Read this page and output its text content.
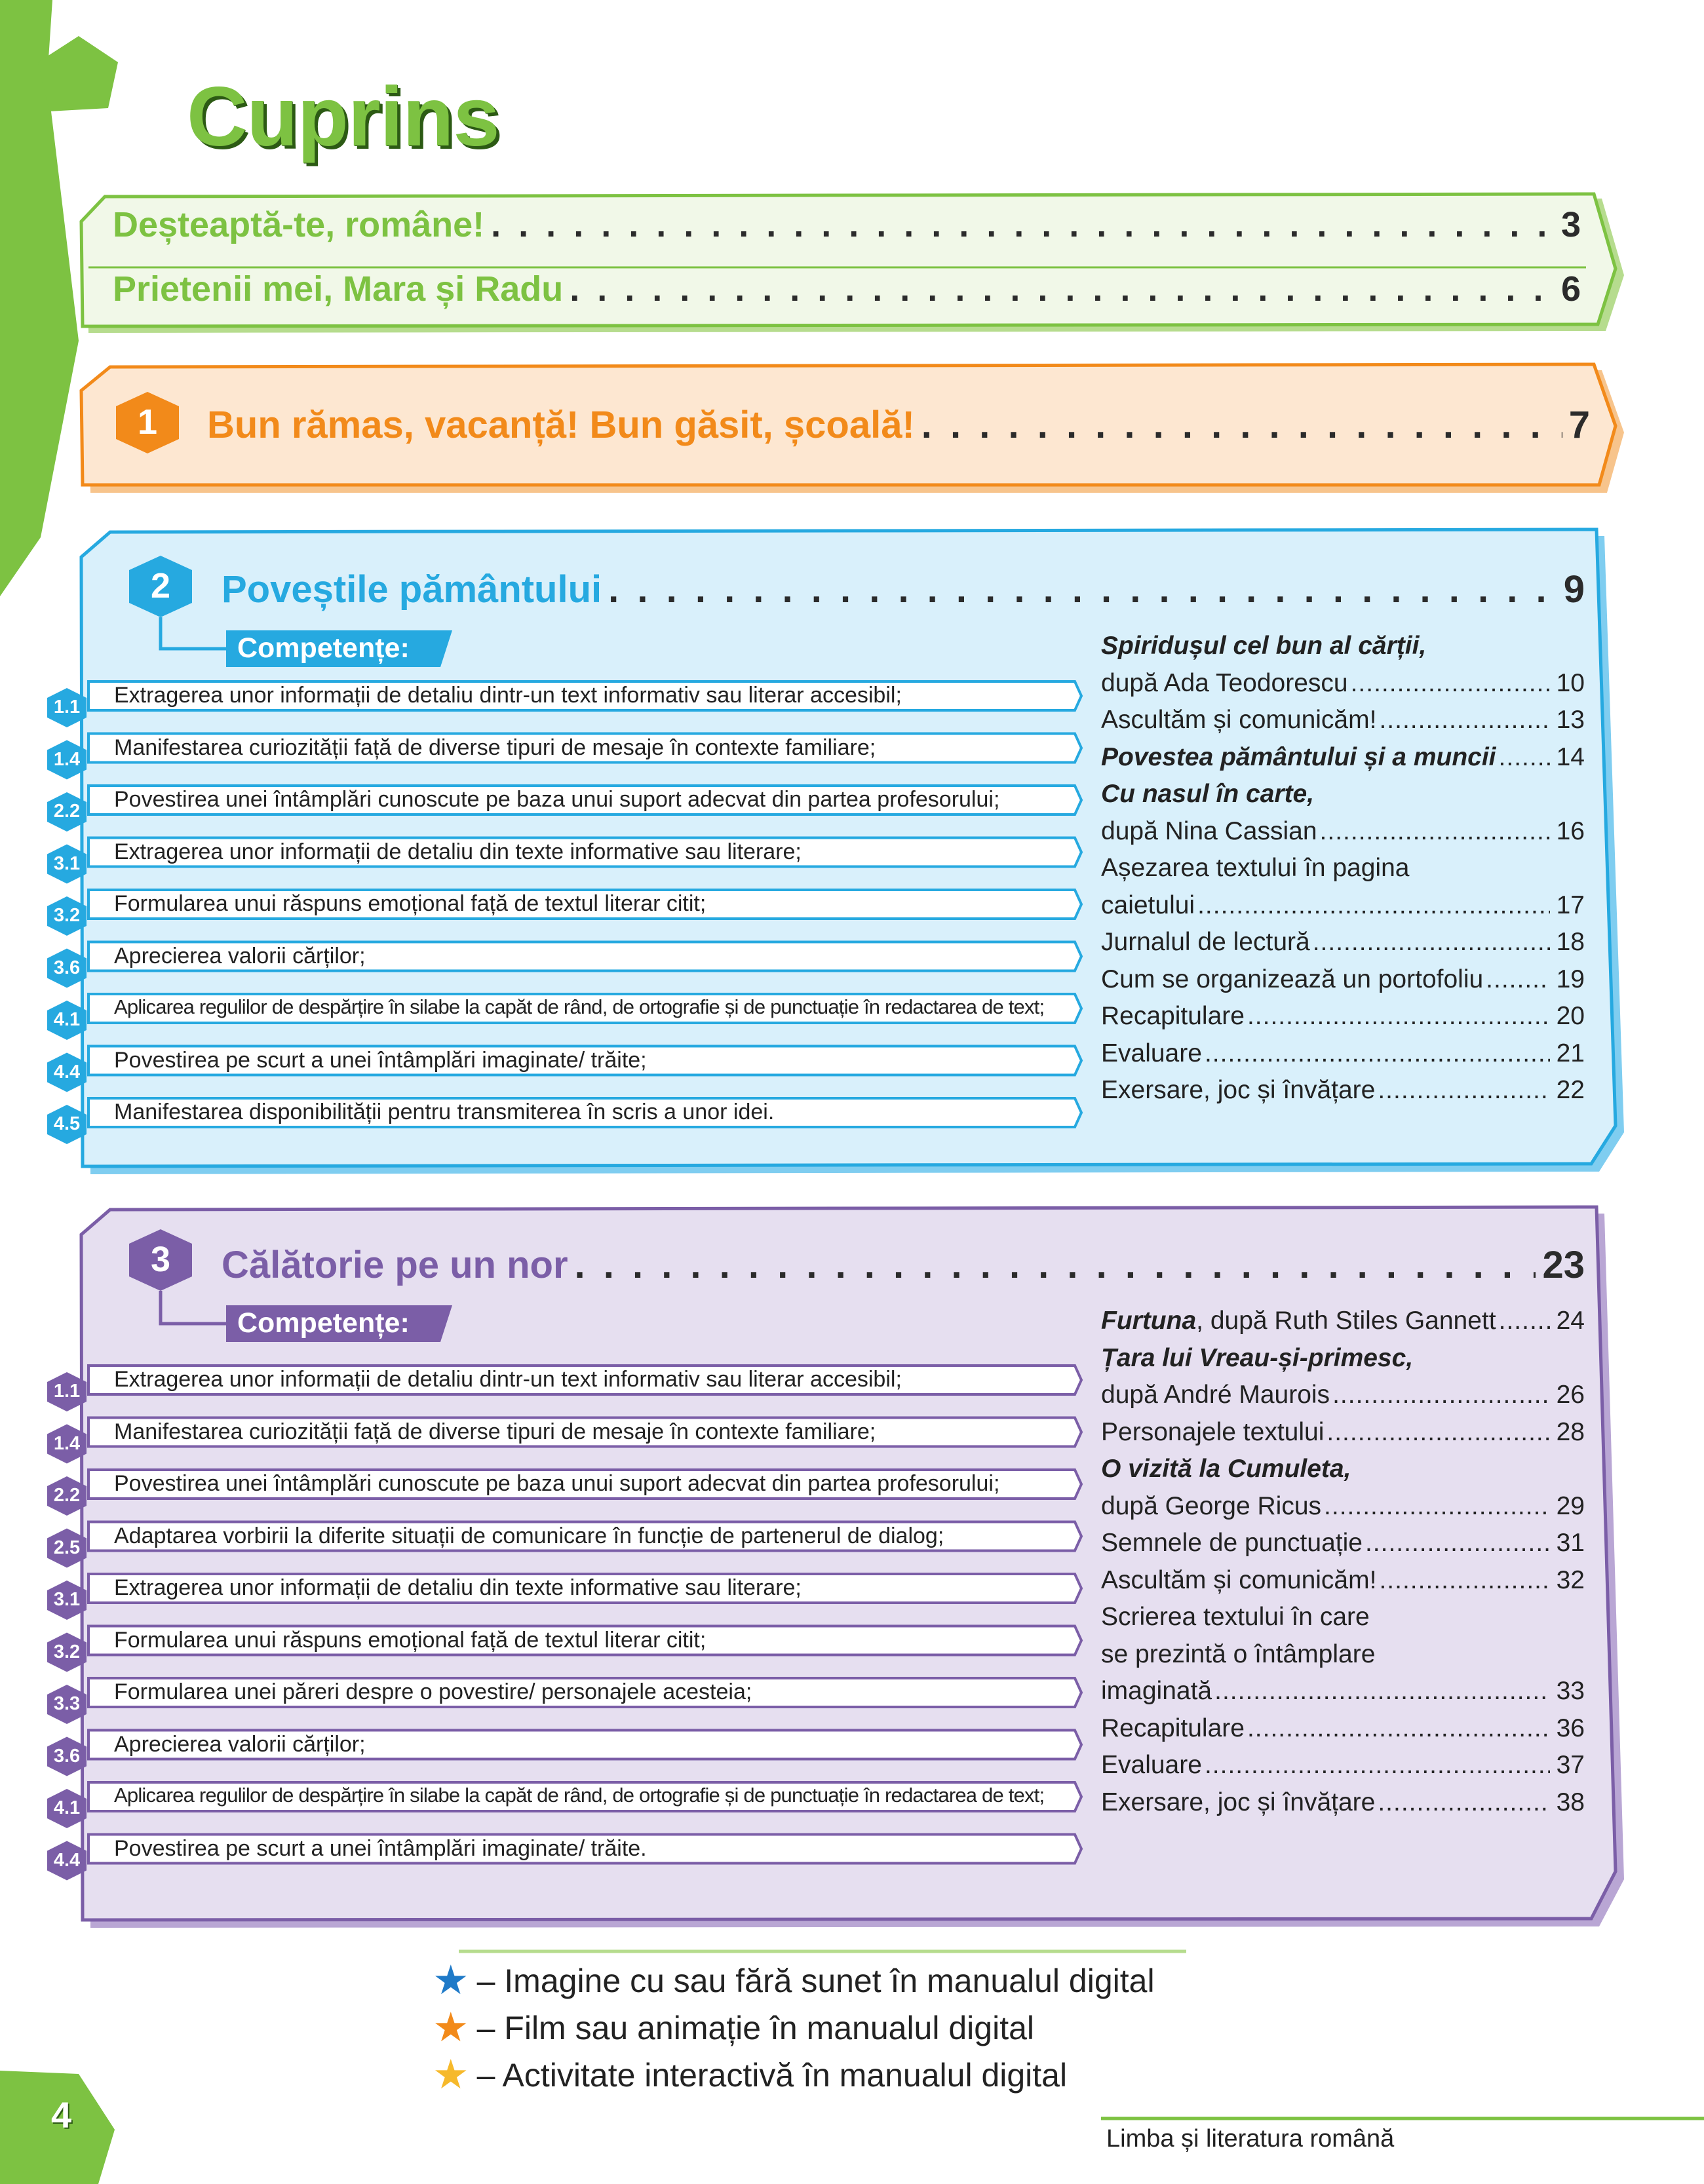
Cuprins
Deșteaptă-te, române! . . .	3
Prietenii mei, Mara și Radu . . .	6
1	Bun rămas, vacanță! Bun găsit, școală! . . .	7
2	Poveștile pământului . . .	9
Competențe:
1.1 Extragerea unor informații de detaliu dintr-un text informativ sau literar accesibil;
1.4 Manifestarea curiozității față de diverse tipuri de mesaje în contexte familiare;
2.2 Povestirea unei întâmplări cunoscute pe baza unui suport adecvat din partea profesorului;
3.1 Extragerea unor informații de detaliu din texte informative sau literare;
3.2 Formularea unui răspuns emoțional față de textul literar citit;
3.6 Aprecierea valorii cărților;
4.1
Aplicarea regulilor de despărțire în silabe la capăt de rând, de ortografie și de punctuație în redactarea de text;
4.4 Povestirea pe scurt a unei întâmplări imaginate/ trăite;
4.5 Manifestarea disponibilității pentru transmiterea în scris a unor idei.
Spiridușul cel bun al cărții,
după Ada Teodorescu .....	10
Ascultăm și comunicăm! .....	13
Povestea pământului și a muncii ..... 14
Cu nasul în carte,
după Nina Cassian .....	16
Așezarea textului în pagina
caietului .....	17
Jurnalul de lectură .....	18
Cum se organizează un portofoliu .....	19
Recapitulare .....	20
Evaluare .....	21
Exersare, joc și învățare .....	22
3	Călătorie pe un nor . . .	23
Competențe:
1.1 Extragerea unor informații de detaliu dintr-un text informativ sau literar accesibil;
1.4 Manifestarea curiozității față de diverse tipuri de mesaje în contexte familiare;
2.2 Povestirea unei întâmplări cunoscute pe baza unui suport adecvat din partea profesorului;
2.5 Adaptarea vorbirii la diferite situații de comunicare în funcție de partenerul de dialog;
3.1 Extragerea unor informații de detaliu din texte informative sau literare;
3.2 Formularea unui răspuns emoțional față de textul literar citit;
3.3 Formularea unei păreri despre o povestire/ personajele acesteia;
3.6 Aprecierea valorii cărților;
4.1
Aplicarea regulilor de despărțire în silabe la capăt de rând, de ortografie și de punctuație în redactarea de text;
4.4 Povestirea pe scurt a unei întâmplări imaginate/ trăite.
Furtuna, după Ruth Stiles Gannett ..... 24
Țara lui Vreau-și-primesc,
după André Maurois .....	26
Personajele textului .....	28
O vizită la Cumuleta,
după George Ricus .....	29
Semnele de punctuație .....	31
Ascultăm și comunicăm! .....	32
Scrierea textului în care
se prezintă o întâmplare
imaginată .....	33
Recapitulare .....	36
Evaluare .....	37
Exersare, joc și învățare .....	38
★ – Imagine cu sau fără sunet în manualul digital
★ – Film sau animație în manualul digital
★ – Activitate interactivă în manualul digital
4
Limba și literatura română
